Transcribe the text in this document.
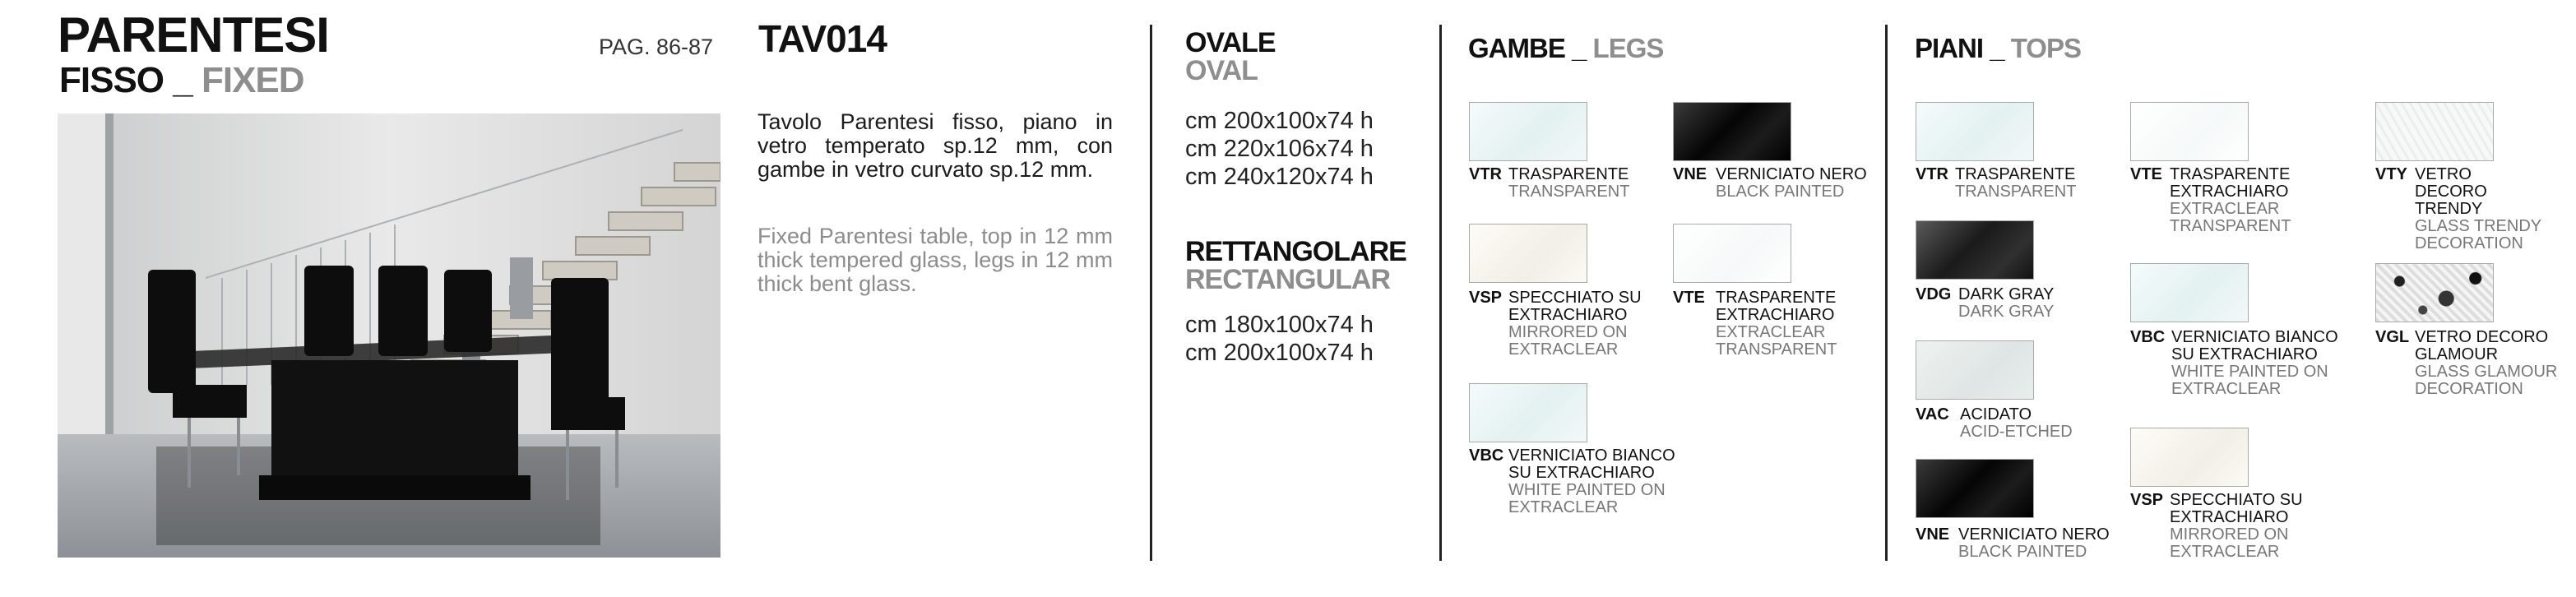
PARENTESI
FISSO _ FIXED
PAG. 86-87 TAV014
Tavolo Parentesi fisso, piano in vetro temperato sp.12 mm, con gambe in vetro curvato sp.12 mm.
Fixed Parentesi table, top in 12 mm thick tempered glass, legs in 12 mm thick bent glass.
OVALE
OVAL
cm 200x100x74 h
cm 220x106x74 h
cm 240x120x74 h
RETTANGOLARE
RECTANGULAR
cm 180x100x74 h
cm 200x100x74 h
GAMBE _ LEGS
VTR TRASPARENTE
TRANSPARENT
VNE VERNICIATO NERO
BLACK PAINTED
VSP SPECCHIATO SU EXTRACHIARO
MIRRORED ON EXTRACLEAR
VTE TRASPARENTE EXTRACHIARO
EXTRACLEAR TRANSPARENT
VBC VERNICIATO BIANCO SU EXTRACHIARO
WHITE PAINTED ON EXTRACLEAR
PIANI _ TOPS
VTR TRASPARENTE
TRANSPARENT
VDG DARK GRAY
DARK GRAY
VAC ACIDATO
ACID-ETCHED
VNE VERNICIATO NERO
BLACK PAINTED
VTE TRASPARENTE EXTRACHIARO
EXTRACLEAR TRANSPARENT
VBC VERNICIATO BIANCO SU EXTRACHIARO
WHITE PAINTED ON EXTRACLEAR
VSP SPECCHIATO SU EXTRACHIARO
MIRRORED ON EXTRACLEAR
VTY VETRO DECORO TRENDY
GLASS TRENDY DECORATION
VGL VETRO DECORO GLAMOUR
GLASS GLAMOUR DECORATION
